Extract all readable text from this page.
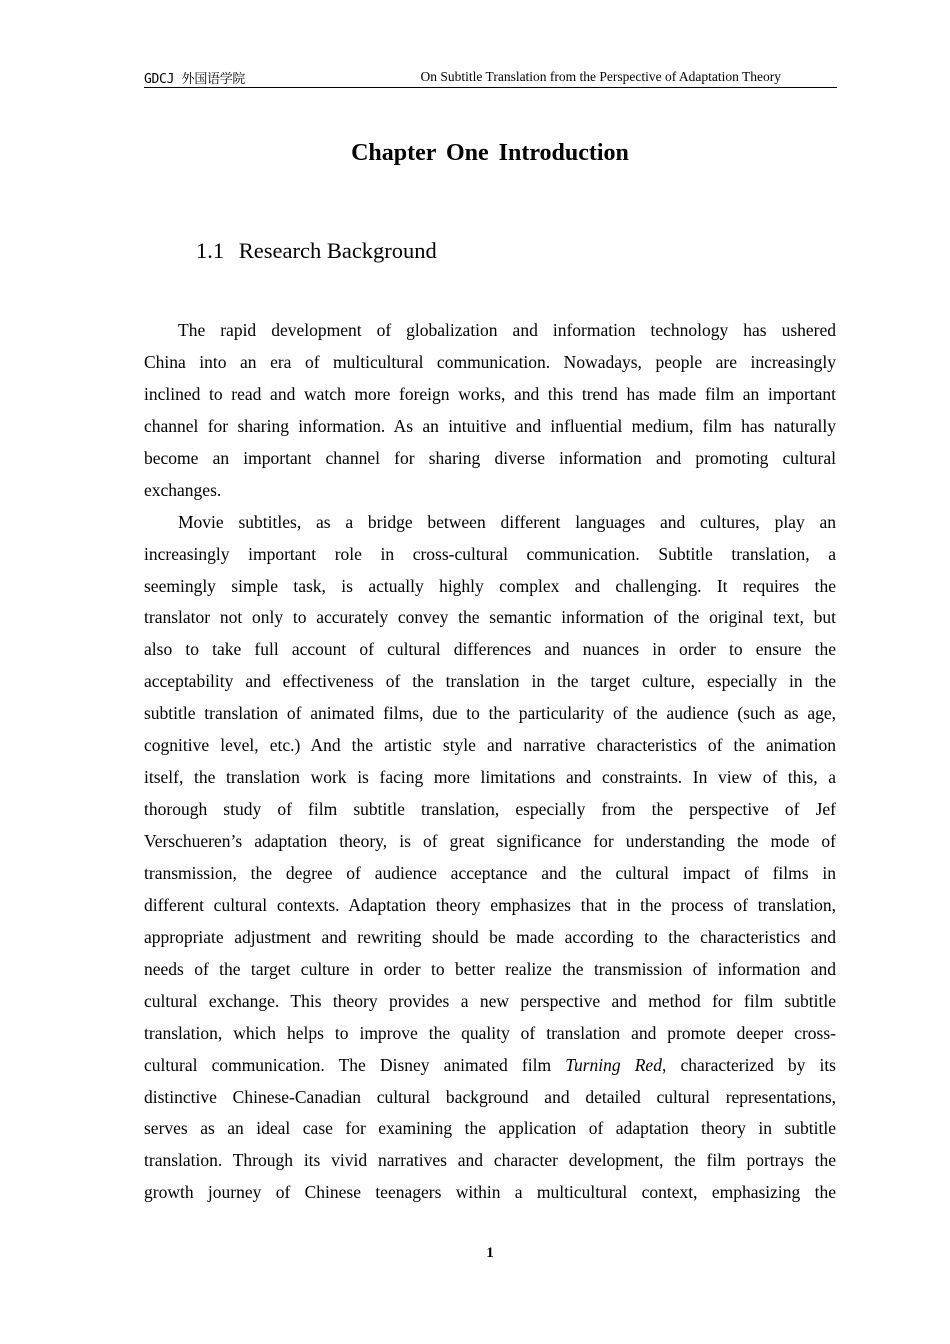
GDCJ 外国语学院	On Subtitle Translation from the Perspective of Adaptation Theory
Chapter One Introduction
1.1 Research Background
The rapid development of globalization and information technology has ushered
China into an era of multicultural communication. Nowadays, people are increasingly
inclined to read and watch more foreign works, and this trend has made film an important
channel for sharing information. As an intuitive and influential medium, film has naturally
become an important channel for sharing diverse information and promoting cultural
exchanges.
Movie subtitles, as a bridge between different languages and cultures, play an
increasingly important role in cross-cultural communication. Subtitle translation, a
seemingly simple task, is actually highly complex and challenging. It requires the
translator not only to accurately convey the semantic information of the original text, but
also to take full account of cultural differences and nuances in order to ensure the
acceptability and effectiveness of the translation in the target culture, especially in the
subtitle translation of animated films, due to the particularity of the audience (such as age,
cognitive level, etc.) And the artistic style and narrative characteristics of the animation
itself, the translation work is facing more limitations and constraints. In view of this, a
thorough study of film subtitle translation, especially from the perspective of Jef
Verschueren’s adaptation theory, is of great significance for understanding the mode of
transmission, the degree of audience acceptance and the cultural impact of films in
different cultural contexts. Adaptation theory emphasizes that in the process of translation,
appropriate adjustment and rewriting should be made according to the characteristics and
needs of the target culture in order to better realize the transmission of information and
cultural exchange. This theory provides a new perspective and method for film subtitle
translation, which helps to improve the quality of translation and promote deeper cross-
cultural communication. The Disney animated film Turning Red, characterized by its
distinctive Chinese-Canadian cultural background and detailed cultural representations,
serves as an ideal case for examining the application of adaptation theory in subtitle
translation. Through its vivid narratives and character development, the film portrays the
growth journey of Chinese teenagers within a multicultural context, emphasizing the
1
